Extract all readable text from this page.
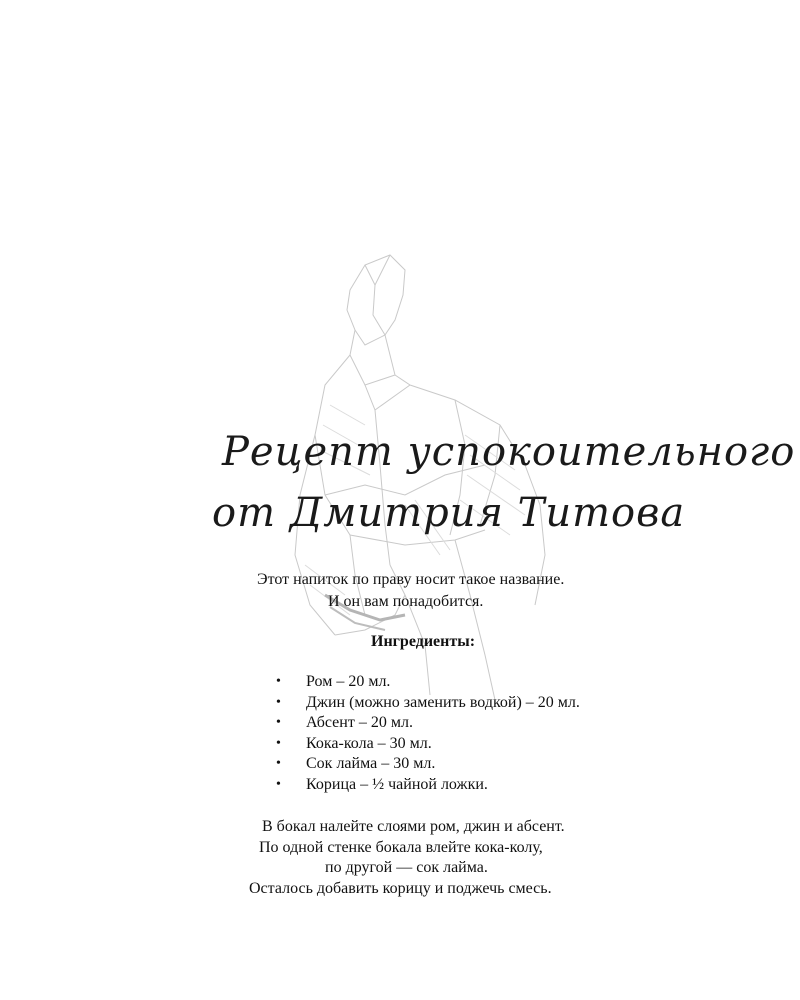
Рецепт успокоительного
от Дмитрия Титова
Этот напиток по праву носит такое название.
И он вам понадобится.
Ингредиенты:
• Ром – 20 мл.
• Джин (можно заменить водкой) – 20 мл.
• Абсент – 20 мл.
• Кока-кола – 30 мл.
• Сок лайма – 30 мл.
• Корица – ½ чайной ложки.
В бокал налейте слоями ром, джин и абсент.
По одной стенке бокала влейте кока-колу,
по другой — сок лайма.
Осталось добавить корицу и поджечь смесь.
